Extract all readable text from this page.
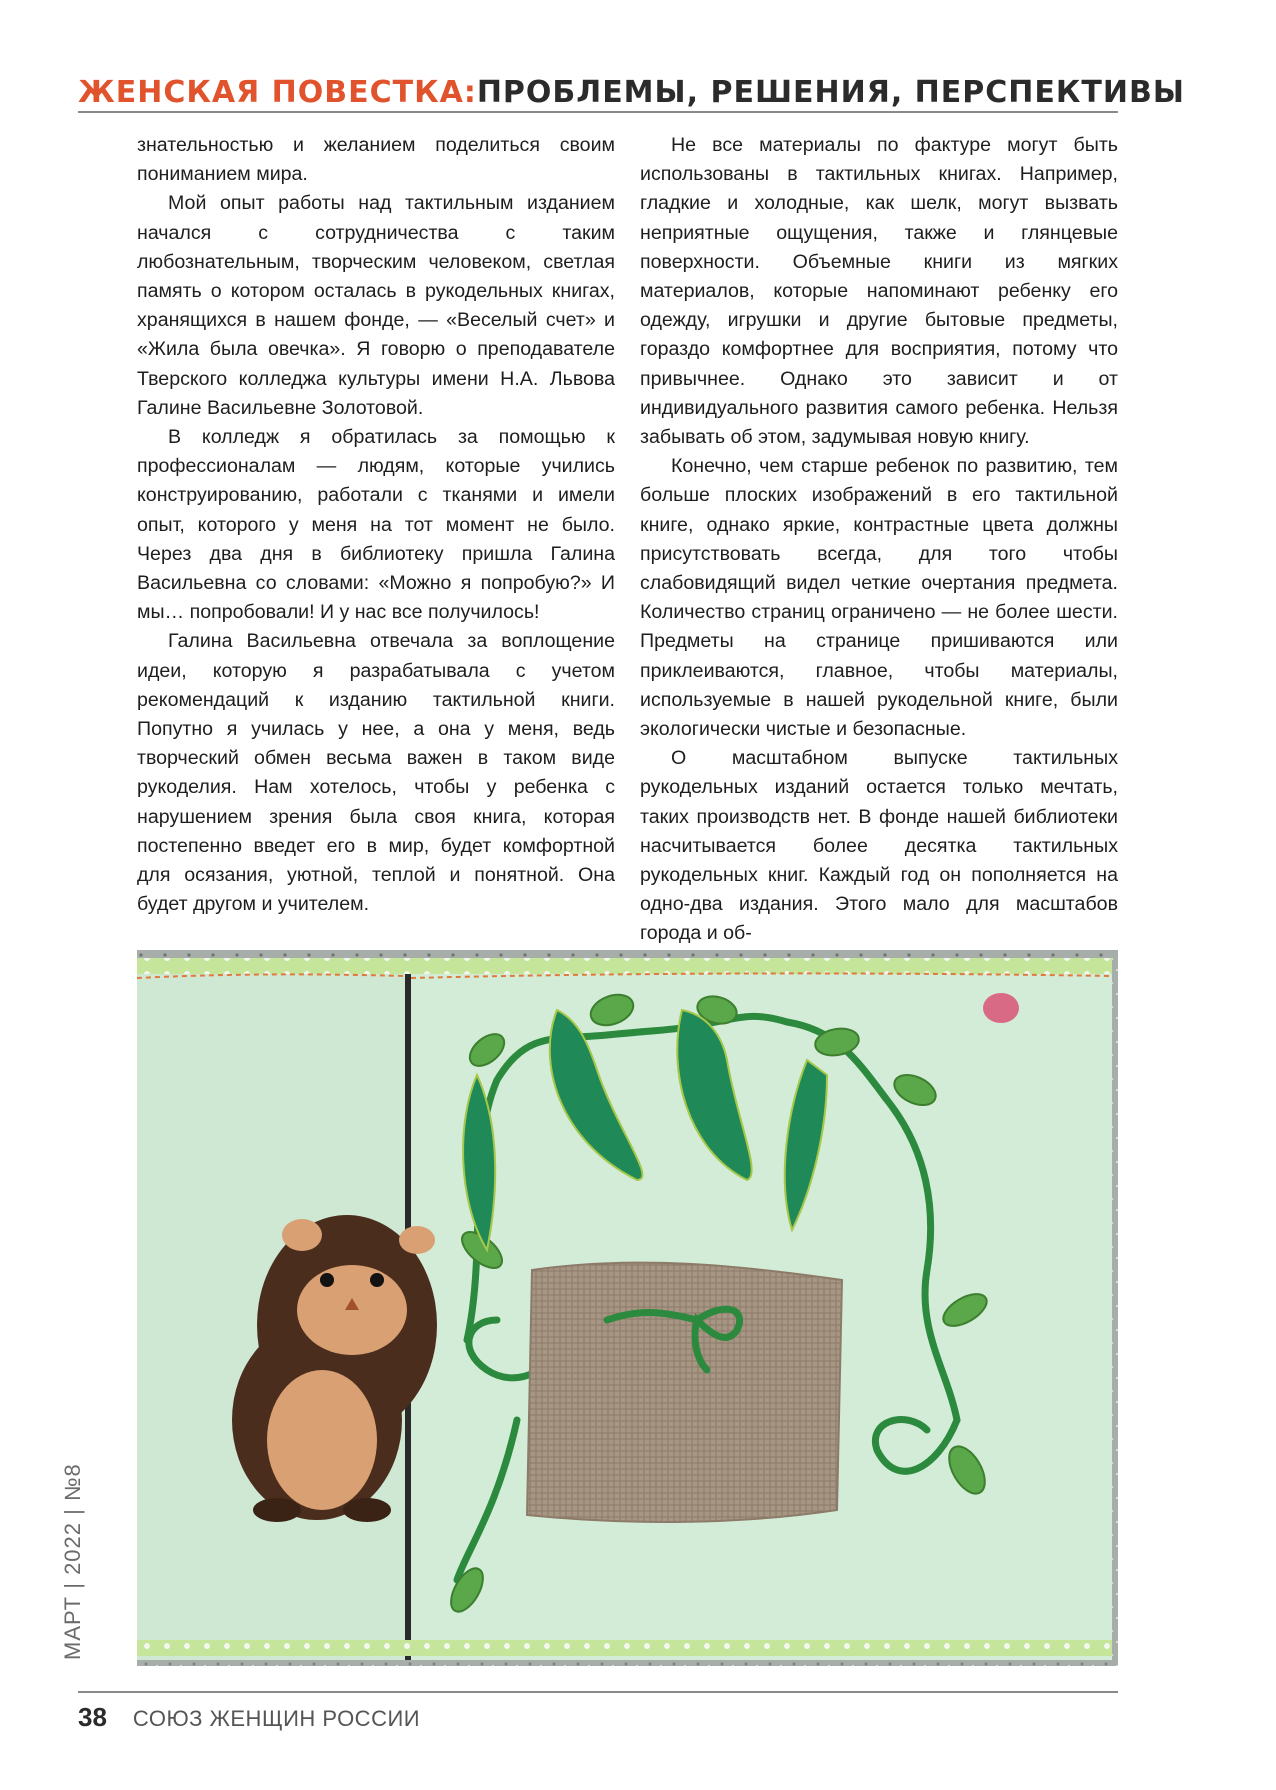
ЖЕНСКАЯ ПОВЕСТКА: ПРОБЛЕМЫ, РЕШЕНИЯ, ПЕРСПЕКТИВЫ

знательностью и желанием поделиться своим пониманием мира.

Мой опыт работы над тактильным изданием начался с сотрудничества с таким любознательным, творческим человеком, светлая память о котором осталась в рукодельных книгах, хранящихся в нашем фонде, — «Веселый счет» и «Жила была овечка». Я говорю о преподавателе Тверского колледжа культуры имени Н.А. Львова Галине Васильевне Золотовой.

В колледж я обратилась за помощью к профессионалам — людям, которые учились конструированию, работали с тканями и имели опыт, которого у меня на тот момент не было. Через два дня в библиотеку пришла Галина Васильевна со словами: «Можно я попробую?» И мы… попробовали! И у нас все получилось!

Галина Васильевна отвечала за воплощение идеи, которую я разрабатывала с учетом рекомендаций к изданию тактильной книги. Попутно я училась у нее, а она у меня, ведь творческий обмен весьма важен в таком виде рукоделия. Нам хотелось, чтобы у ребенка с нарушением зрения была своя книга, которая постепенно введет его в мир, будет комфортной для осязания, уютной, теплой и понятной. Она будет другом и учителем.

Не все материалы по фактуре могут быть использованы в тактильных книгах. Например, гладкие и холодные, как шелк, могут вызвать неприятные ощущения, также и глянцевые поверхности. Объемные книги из мягких материалов, которые напоминают ребенку его одежду, игрушки и другие бытовые предметы, гораздо комфортнее для восприятия, потому что привычнее. Однако это зависит и от индивидуального развития самого ребенка. Нельзя забывать об этом, задумывая новую книгу.

Конечно, чем старше ребенок по развитию, тем больше плоских изображений в его тактильной книге, однако яркие, контрастные цвета должны присутствовать всегда, для того чтобы слабовидящий видел четкие очертания предмета. Количество страниц ограничено — не более шести. Предметы на странице пришиваются или приклеиваются, главное, чтобы материалы, используемые в нашей рукодельной книге, были экологически чистые и безопасные.

О масштабном выпуске тактильных рукодельных изданий остается только мечтать, таких производств нет. В фонде нашей библиотеки насчитывается более десятка тактильных рукодельных книг. Каждый год он пополняется на одно-два издания. Этого мало для масштабов города и об-

МАРТ | 2022 | №8
38 СОЮЗ ЖЕНЩИН РОССИИ
